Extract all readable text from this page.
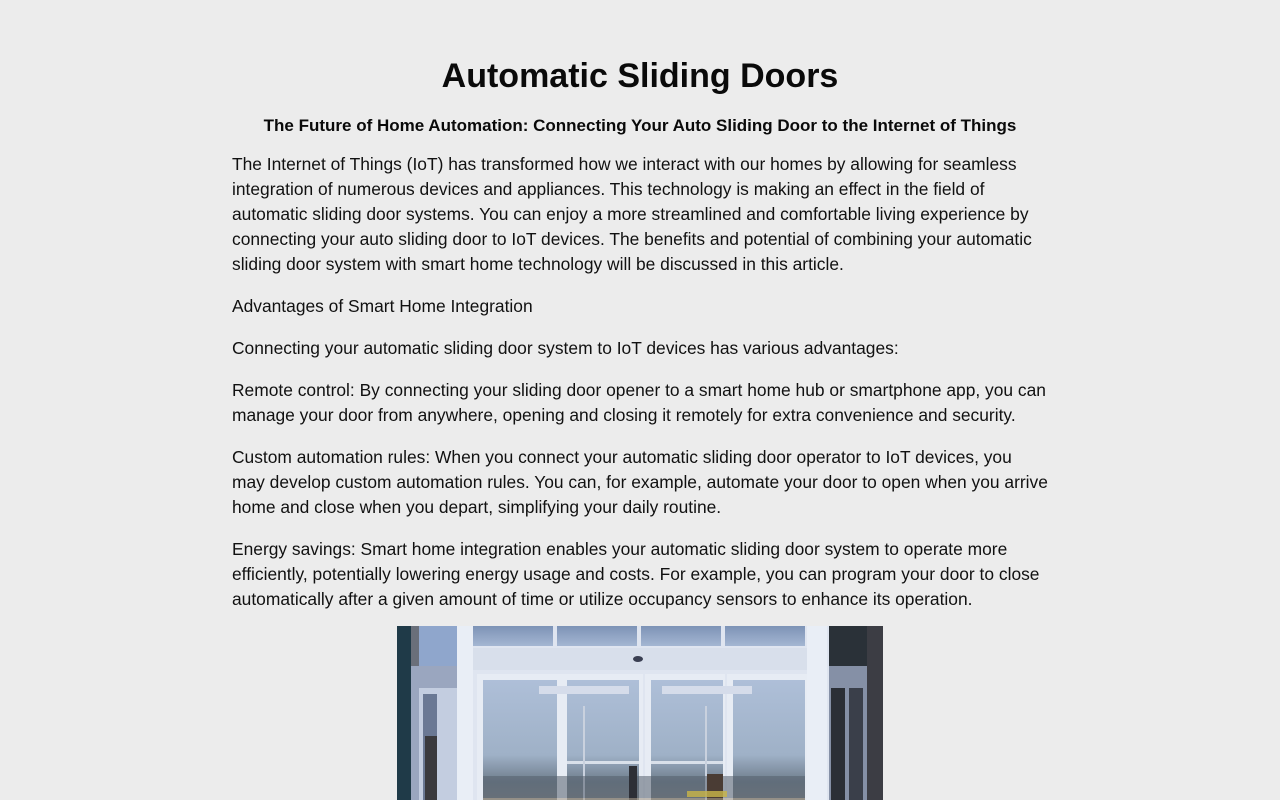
Automatic Sliding Doors
The Future of Home Automation: Connecting Your Auto Sliding Door to the Internet of Things

The Internet of Things (IoT) has transformed how we interact with our homes by allowing for seamless integration of numerous devices and appliances. This technology is making an effect in the field of automatic sliding door systems. You can enjoy a more streamlined and comfortable living experience by connecting your auto sliding door to IoT devices. The benefits and potential of combining your automatic sliding door system with smart home technology will be discussed in this article.

Advantages of Smart Home Integration

Connecting your automatic sliding door system to IoT devices has various advantages:

Remote control: By connecting your sliding door opener to a smart home hub or smartphone app, you can manage your door from anywhere, opening and closing it remotely for extra convenience and security.

Custom automation rules: When you connect your automatic sliding door operator to IoT devices, you may develop custom automation rules. You can, for example, automate your door to open when you arrive home and close when you depart, simplifying your daily routine.

Energy savings: Smart home integration enables your automatic sliding door system to operate more efficiently, potentially lowering energy usage and costs. For example, you can program your door to close automatically after a given amount of time or utilize occupancy sensors to enhance its operation.
